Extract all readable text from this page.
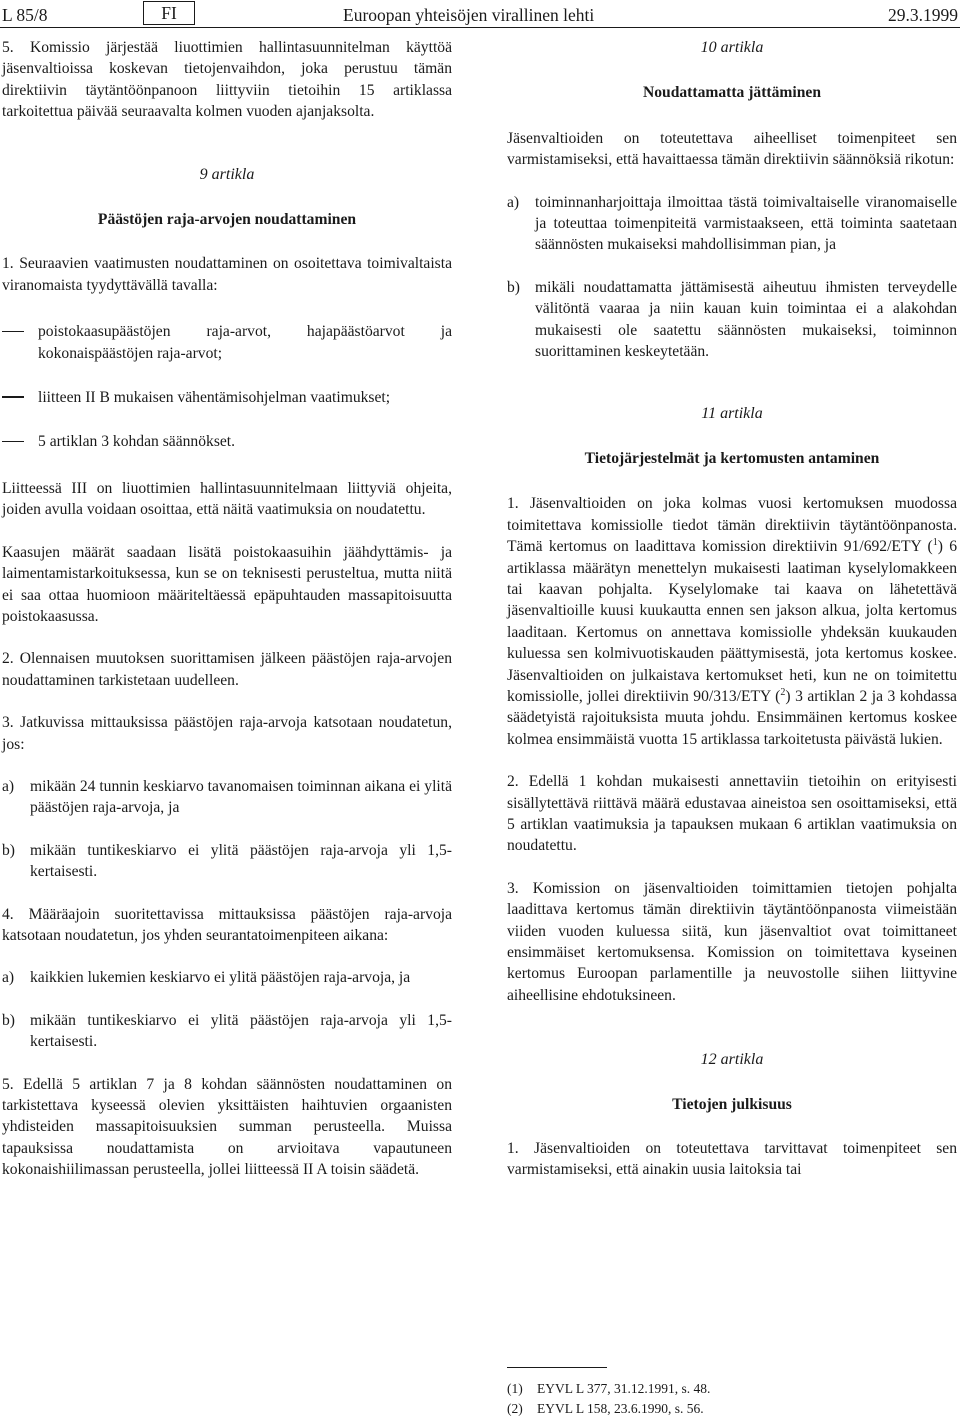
L 85/8	FI	Euroopan yhteisöjen virallinen lehti	29.3.1999

5. Komissio järjestää liuottimien hallintasuunnitelman käyttöä jäsenvaltioissa koskevan tietojenvaihdon, joka perustuu tämän direktiivin täytäntöönpanoon liittyviin tietoihin 15 artiklassa tarkoitettua päivää seuraavalta kolmen vuoden ajanjaksolta.

9 artikla

Päästöjen raja-arvojen noudattaminen

1. Seuraavien vaatimusten noudattaminen on osoitettava toimivaltaista viranomaista tyydyttävällä tavalla:

poistokaasupäästöjen raja-arvot, hajapäästöarvot ja kokonaispäästöjen raja-arvot;
liitteen II B mukaisen vähentämisohjelman vaatimukset;
5 artiklan 3 kohdan säännökset.

Liitteessä III on liuottimien hallintasuunnitelmaan liittyviä ohjeita, joiden avulla voidaan osoittaa, että näitä vaatimuksia on noudatettu.

Kaasujen määrät saadaan lisätä poistokaasuihin jäähdyttämis- ja laimentamistarkoituksessa, kun se on teknisesti perusteltua, mutta niitä ei saa ottaa huomioon määriteltäessä epäpuhtauden massapitoisuutta poistokaasussa.

2. Olennaisen muutoksen suorittamisen jälkeen päästöjen raja-arvojen noudattaminen tarkistetaan uudelleen.

3. Jatkuvissa mittauksissa päästöjen raja-arvoja katsotaan noudatetun, jos:

a)	mikään 24 tunnin keskiarvo tavanomaisen toiminnan aikana ei ylitä päästöjen raja-arvoja, ja
b) mikään tuntikeskiarvo ei ylitä päästöjen raja-arvoja yli 1,5-kertaisesti.

4. Määräajoin suoritettavissa mittauksissa päästöjen raja-arvoja katsotaan noudatetun, jos yhden seurantatoimenpiteen aikana:

a)	kaikkien lukemien keskiarvo ei ylitä päästöjen raja-arvoja, ja
b) mikään tuntikeskiarvo ei ylitä päästöjen raja-arvoja yli 1,5-kertaisesti.

5. Edellä 5 artiklan 7 ja 8 kohdan säännösten noudattaminen on tarkistettava kyseessä olevien yksittäisten haihtuvien orgaanisten yhdisteiden massapitoisuuksien summan perusteella. Muissa tapauksissa noudattamista on arvioitava vapautuneen kokonaishiilimassan perusteella, jollei liitteessä II A toisin säädetä.

10 artikla

Noudattamatta jättäminen

Jäsenvaltioiden on toteutettava aiheelliset toimenpiteet sen varmistamiseksi, että havaittaessa tämän direktiivin säännöksiä rikotun:

a)	toiminnanharjoittaja ilmoittaa tästä toimivaltaiselle viranomaiselle ja toteuttaa toimenpiteitä varmistaakseen, että toiminta saatetaan säännösten mukaiseksi mahdollisimman pian, ja
b) mikäli noudattamatta jättämisestä aiheutuu ihmisten terveydelle välitöntä vaaraa ja niin kauan kuin toimintaa ei a alakohdan mukaisesti ole saatettu säännösten mukaiseksi, toiminnon suorittaminen keskeytetään.

11 artikla

Tietojärjestelmät ja kertomusten antaminen

1. Jäsenvaltioiden on joka kolmas vuosi kertomuksen muodossa toimitettava komissiolle tiedot tämän direktiivin täytäntöönpanosta. Tämä kertomus on laadittava komission direktiivin 91/692/ETY ($^1$) 6 artiklassa määrätyn menettelyn mukaisesti laatiman kyselylomakkeen tai kaavan pohjalta. Kyselylomake tai kaava on lähetettävä jäsenvaltioille kuusi kuukautta ennen sen jakson alkua, jolta kertomus laaditaan. Kertomus on annettava komissiolle yhdeksän kuukauden kuluessa sen kolmivuotiskauden päättymisestä, jota kertomus koskee. Jäsenvaltioiden on julkaistava kertomukset heti, kun ne on toimitettu komissiolle, jollei direktiivin 90/313/ETY ($^2$) 3 artiklan 2 ja 3 kohdassa säädetyistä rajoituksista muuta johdu. Ensimmäinen kertomus koskee kolmea ensimmäistä vuotta 15 artiklassa tarkoitetusta päivästä lukien.

2. Edellä 1 kohdan mukaisesti annettaviin tietoihin on erityisesti sisällytettävä riittävä määrä edustavaa aineistoa sen osoittamiseksi, että 5 artiklan vaatimuksia ja tapauksen mukaan 6 artiklan vaatimuksia on noudatettu.

3. Komission on jäsenvaltioiden toimittamien tietojen pohjalta laadittava kertomus tämän direktiivin täytäntöönpanosta viimeistään viiden vuoden kuluessa siitä, kun jäsenvaltiot ovat toimittaneet ensimmäiset kertomuksensa. Komission on toimitettava kyseinen kertomus Euroopan parlamentille ja neuvostolle siihen liittyvine aiheellisine ehdotuksineen.

12 artikla

Tietojen julkisuus

1. Jäsenvaltioiden on toteutettava tarvittavat toimenpiteet sen varmistamiseksi, että ainakin uusia laitoksia tai

(1)	EYVL L 377, 31.12.1991, s. 48.
(2)	EYVL L 158, 23.6.1990, s. 56.
